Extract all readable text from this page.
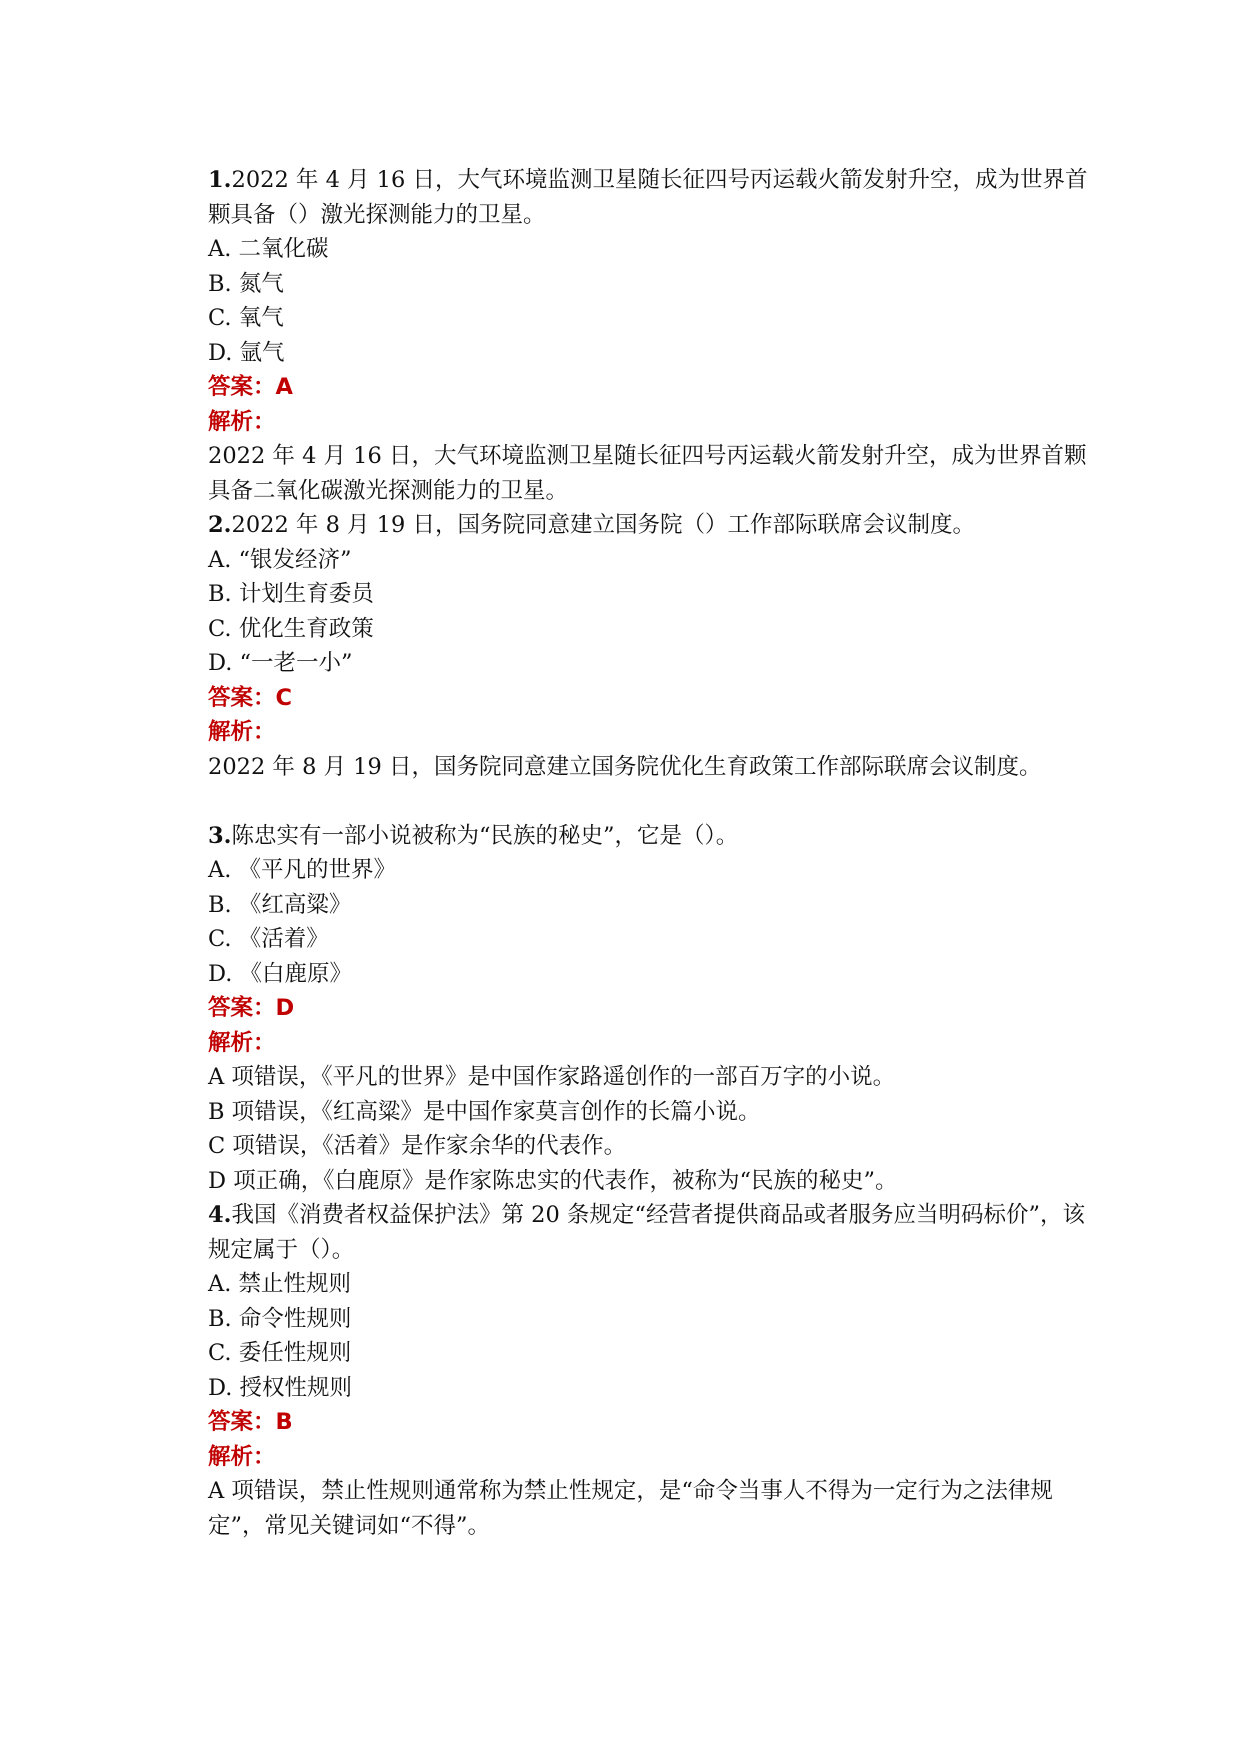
1.2022 年 4 月 16 日，大气环境监测卫星随长征四号丙运载火箭发射升空，成为世界首颗具备（）激光探测能力的卫星。
A. 二氧化碳
B. 氮气
C. 氧气
D. 氩气
答案：A
解析：
2022 年 4 月 16 日，大气环境监测卫星随长征四号丙运载火箭发射升空，成为世界首颗具备二氧化碳激光探测能力的卫星。
2.2022 年 8 月 19 日，国务院同意建立国务院（）工作部际联席会议制度。
A. “银发经济”
B. 计划生育委员
C. 优化生育政策
D. “一老一小”
答案：C
解析：
2022 年 8 月 19 日，国务院同意建立国务院优化生育政策工作部际联席会议制度。
3.陈忠实有一部小说被称为“民族的秘史”，它是（）。
A. 《平凡的世界》
B. 《红高粱》
C. 《活着》
D. 《白鹿原》
答案：D
解析：
A 项错误，《平凡的世界》是中国作家路遥创作的一部百万字的小说。
B 项错误，《红高粱》是中国作家莫言创作的长篇小说。
C 项错误，《活着》是作家余华的代表作。
D 项正确，《白鹿原》是作家陈忠实的代表作，被称为“民族的秘史”。
4.我国《消费者权益保护法》第 20 条规定“经营者提供商品或者服务应当明码标价”，该规定属于（）。
A. 禁止性规则
B. 命令性规则
C. 委任性规则
D. 授权性规则
答案：B
解析：
A 项错误，禁止性规则通常称为禁止性规定，是“命令当事人不得为一定行为之法律规定”，常见关键词如“不得”。
